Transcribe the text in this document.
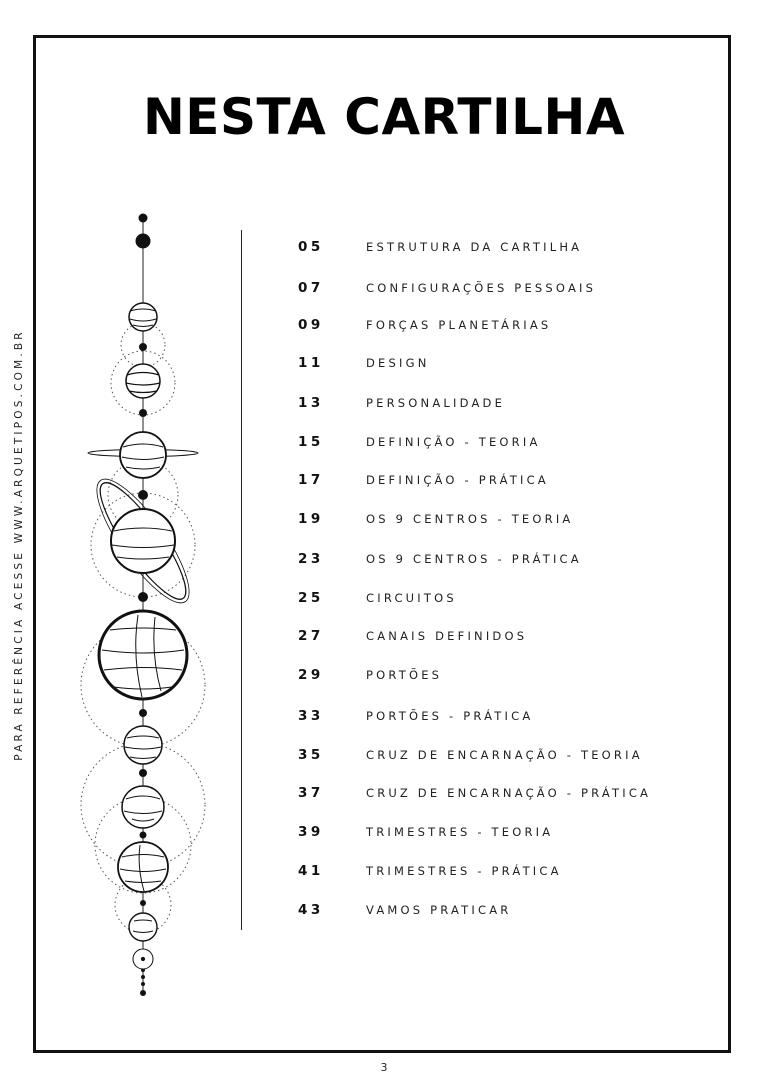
NESTA CARTILHA
PARA REFERÊNCIA ACESSE WWW.ARQUETIPOS.COM.BR
05	ESTRUTURA DA CARTILHA
07	CONFIGURAÇÕES PESSOAIS
09	FORÇAS PLANETÁRIAS
11	DESIGN
13	PERSONALIDADE
15	DEFINIÇÃO - TEORIA
17	DEFINIÇÃO - PRÁTICA
19	OS 9 CENTROS - TEORIA
23	OS 9 CENTROS - PRÁTICA
25	CIRCUITOS
27	CANAIS DEFINIDOS
29	PORTÕES
33	PORTÕES - PRÁTICA
35	CRUZ DE ENCARNAÇÃO - TEORIA
37	CRUZ DE ENCARNAÇÃO - PRÁTICA
39	TRIMESTRES - TEORIA
41	TRIMESTRES - PRÁTICA
43	VAMOS PRATICAR
3
